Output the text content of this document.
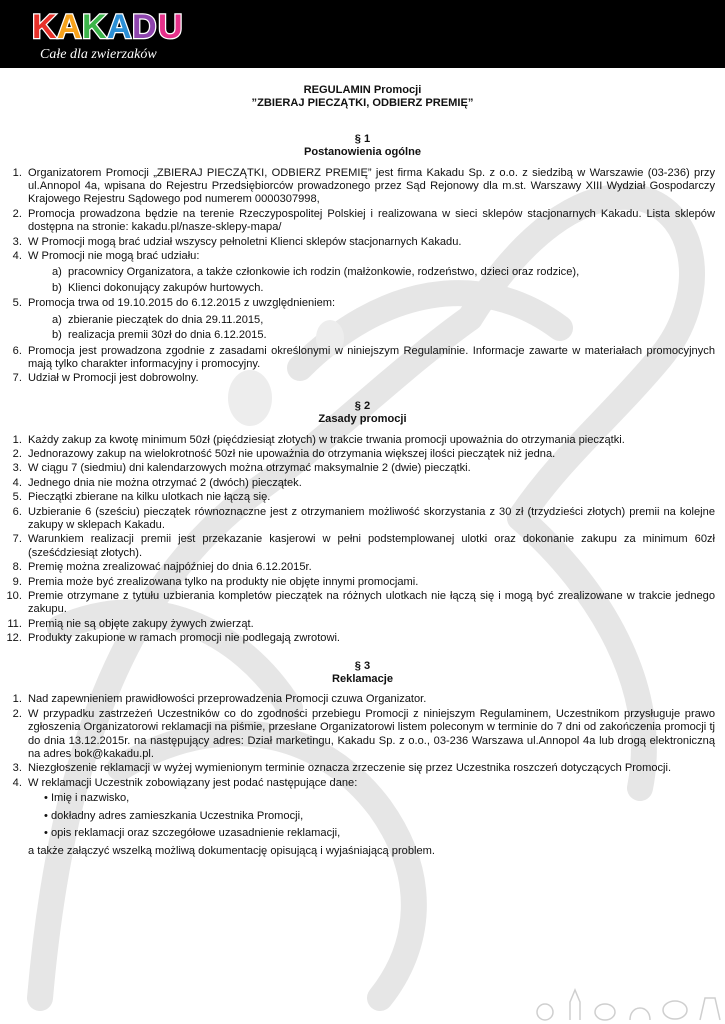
K A K A D U
Całe dla zwierzaków
REGULAMIN Promocji
”ZBIERAJ PIECZĄTKI, ODBIERZ PREMIĘ”
§ 1
Postanowienia ogólne
1. Organizatorem Promocji „ZBIERAJ PIECZĄTKI, ODBIERZ PREMIĘ” jest firma Kakadu Sp. z o.o. z siedzibą w Warszawie (03-236) przy ul.Annopol 4a, wpisana do Rejestru Przedsiębiorców prowadzonego przez Sąd Rejonowy dla m.st. Warszawy XIII Wydział Gospodarczy Krajowego Rejestru Sądowego pod numerem 0000307998,
2. Promocja prowadzona będzie na terenie Rzeczypospolitej Polskiej i realizowana w sieci sklepów stacjonarnych Kakadu. Lista sklepów dostępna na stronie: kakadu.pl/nasze-sklepy-mapa/
3. W Promocji mogą brać udział wszyscy pełnoletni Klienci sklepów stacjonarnych Kakadu.
4. W Promocji nie mogą brać udziału:
a) pracownicy Organizatora, a także członkowie ich rodzin (małżonkowie, rodzeństwo, dzieci oraz rodzice),
b) Klienci dokonujący zakupów hurtowych.
5. Promocja trwa od 19.10.2015 do 6.12.2015 z uwzględnieniem:
a) zbieranie pieczątek do dnia 29.11.2015,
b) realizacja premii 30zł do dnia 6.12.2015.
6. Promocja jest prowadzona zgodnie z zasadami określonymi w niniejszym Regulaminie. Informacje zawarte w materiałach promocyjnych mają tylko charakter informacyjny i promocyjny.
7. Udział w Promocji jest dobrowolny.
§ 2
Zasady promocji
1. Każdy zakup za kwotę minimum 50zł (pięćdziesiąt złotych) w trakcie trwania promocji upoważnia do otrzymania pieczątki.
2. Jednorazowy zakup na wielokrotność 50zł nie upoważnia do otrzymania większej ilości pieczątek niż jedna.
3. W ciągu 7 (siedmiu) dni kalendarzowych można otrzymać maksymalnie 2 (dwie) pieczątki.
4. Jednego dnia nie można otrzymać 2 (dwóch) pieczątek.
5. Pieczątki zbierane na kilku ulotkach nie łączą się.
6. Uzbieranie 6 (sześciu) pieczątek równoznaczne jest z otrzymaniem możliwość skorzystania z 30 zł (trzydzieści złotych) premii na kolejne zakupy w sklepach Kakadu.
7. Warunkiem realizacji premii jest przekazanie kasjerowi w pełni podstemplowanej ulotki oraz dokonanie zakupu za minimum 60zł (sześćdziesiąt złotych).
8. Premię można zrealizować najpóźniej do dnia 6.12.2015r.
9. Premia może być zrealizowana tylko na produkty nie objęte innymi promocjami.
10. Premie otrzymane z tytułu uzbierania kompletów pieczątek na różnych ulotkach nie łączą się i mogą być zrealizowane w trakcie jednego zakupu.
11. Premią nie są objęte zakupy żywych zwierząt.
12. Produkty zakupione w ramach promocji nie podlegają zwrotowi.
§ 3
Reklamacje
1. Nad zapewnieniem prawidłowości przeprowadzenia Promocji czuwa Organizator.
2. W przypadku zastrzeżeń Uczestników co do zgodności przebiegu Promocji z niniejszym Regulaminem, Uczestnikom przysługuje prawo zgłoszenia Organizatorowi reklamacji na piśmie, przesłane Organizatorowi listem poleconym w terminie do 7 dni od zakończenia promocji tj do dnia 13.12.2015r. na następujący adres: Dział marketingu, Kakadu Sp. z o.o., 03-236 Warszawa ul.Annopol 4a lub drogą elektroniczną na adres bok@kakadu.pl.
3. Niezgłoszenie reklamacji w wyżej wymienionym terminie oznacza zrzeczenie się przez Uczestnika roszczeń dotyczących Promocji.
4. W reklamacji Uczestnik zobowiązany jest podać następujące dane:
• Imię i nazwisko,
• dokładny adres zamieszkania Uczestnika Promocji,
• opis reklamacji oraz szczegółowe uzasadnienie reklamacji,
a także załączyć wszelką możliwą dokumentację opisującą i wyjaśniającą problem.
